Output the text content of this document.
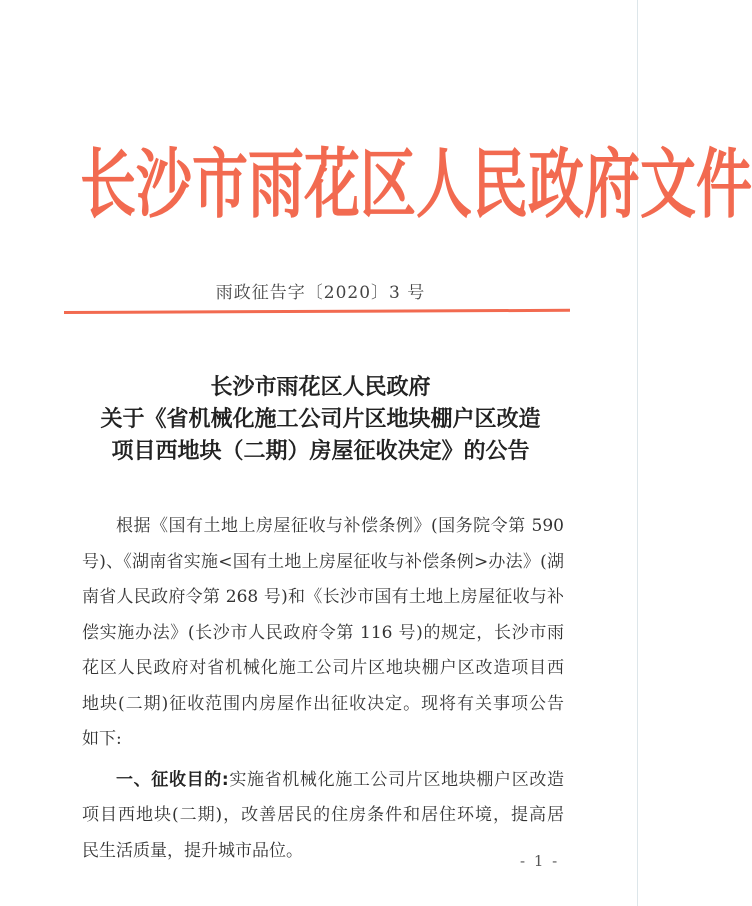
长 沙 市 雨 花 区 人 民 政 府 文 件
雨政征告字〔2020〕3 号
长沙市雨花区人民政府
关于《省机械化施工公司片区地块棚户区改造
项目西地块（二期）房屋征收决定》的公告
根据《国有土地上房屋征收与补偿条例》(国务院令第 590
号)、《湖南省实施<国有土地上房屋征收与补偿条例>办法》(湖
南省人民政府令第 268 号)和《长沙市国有土地上房屋征收与补
偿实施办法》(长沙市人民政府令第 116 号)的规定，长沙市雨
花区人民政府对省机械化施工公司片区地块棚户区改造项目西
地块(二期)征收范围内房屋作出征收决定。现将有关事项公告
如下:
一、征收目的:实施省机械化施工公司片区地块棚户区改造
项目西地块(二期)，改善居民的住房条件和居住环境，提高居
民生活质量，提升城市品位。
- 1 -
